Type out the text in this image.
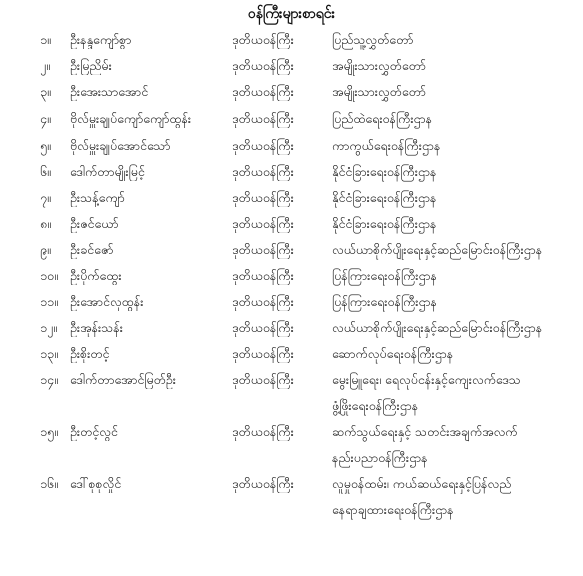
ဝန်ကြီးများစာရင်း
၁။	ဦးနန္ဒကျော်စွာ	ဒုတိယဝန်ကြီး	ပြည်သူ့လွှတ်တော်
၂။	ဦးမြညိမ်း	ဒုတိယဝန်ကြီး	အမျိုးသားလွှတ်တော်
၃။	ဦးအေးသာအောင်	ဒုတိယဝန်ကြီး	အမျိုးသားလွှတ်တော်
၄။	ဗိုလ်မှူးချုပ်ကျော်ကျော်ထွန်း	ဒုတိယဝန်ကြီး	ပြည်ထဲရေးဝန်ကြီးဌာန
၅။	ဗိုလ်မှူးချုပ်အောင်သော်	ဒုတိယဝန်ကြီး	ကာကွယ်ရေးဝန်ကြီးဌာန
၆။	ဒေါက်တာမျိုးမြင့်	ဒုတိယဝန်ကြီး	နိုင်ငံခြားရေးဝန်ကြီးဌာန
၇။	ဦးသန့်ကျော်	ဒုတိယဝန်ကြီး	နိုင်ငံခြားရေးဝန်ကြီးဌာန
၈။	ဦးဇင်ယော်	ဒုတိယဝန်ကြီး	နိုင်ငံခြားရေးဝန်ကြီးဌာန
၉။	ဦးခင်ဇော်	ဒုတိယဝန်ကြီး	လယ်ယာစိုက်ပျိုးရေးနှင့်ဆည်မြောင်းဝန်ကြီးဌာန
၁၀။ ဦးပိုက်ထွေး	ဒုတိယဝန်ကြီး	ပြန်ကြားရေးဝန်ကြီးဌာန
၁၁။ ဦးအောင်လှထွန်း	ဒုတိယဝန်ကြီး	ပြန်ကြားရေးဝန်ကြီးဌာန
၁၂။	ဦးအုန်းသန်း	ဒုတိယဝန်ကြီး	လယ်ယာစိုက်ပျိုးရေးနှင့်ဆည်မြောင်းဝန်ကြီးဌာန
၁၃။ ဦးစိုးတင့်	ဒုတိယဝန်ကြီး	ဆောက်လုပ်ရေးဝန်ကြီးဌာန
၁၄။ ဒေါက်တာအောင်မြတ်ဦး	ဒုတိယဝန်ကြီး	မွေးမြူရေး၊ ရေလုပ်ငန်းနှင့်ကျေးလက်ဒေသ
ဖွံ့ဖြိုးရေးဝန်ကြီးဌာန
၁၅။ ဦးတင့်လွင်	ဒုတိယဝန်ကြီး	ဆက်သွယ်ရေးနှင့် သတင်းအချက်အလက်
နည်းပညာဝန်ကြီးဌာန
၁၆။ ဒေါ်စုစုလှိုင်	ဒုတိယဝန်ကြီး	လူမှုဝန်ထမ်း၊ ကယ်ဆယ်ရေးနှင့်ပြန်လည်
နေရာချထားရေးဝန်ကြီးဌာန
